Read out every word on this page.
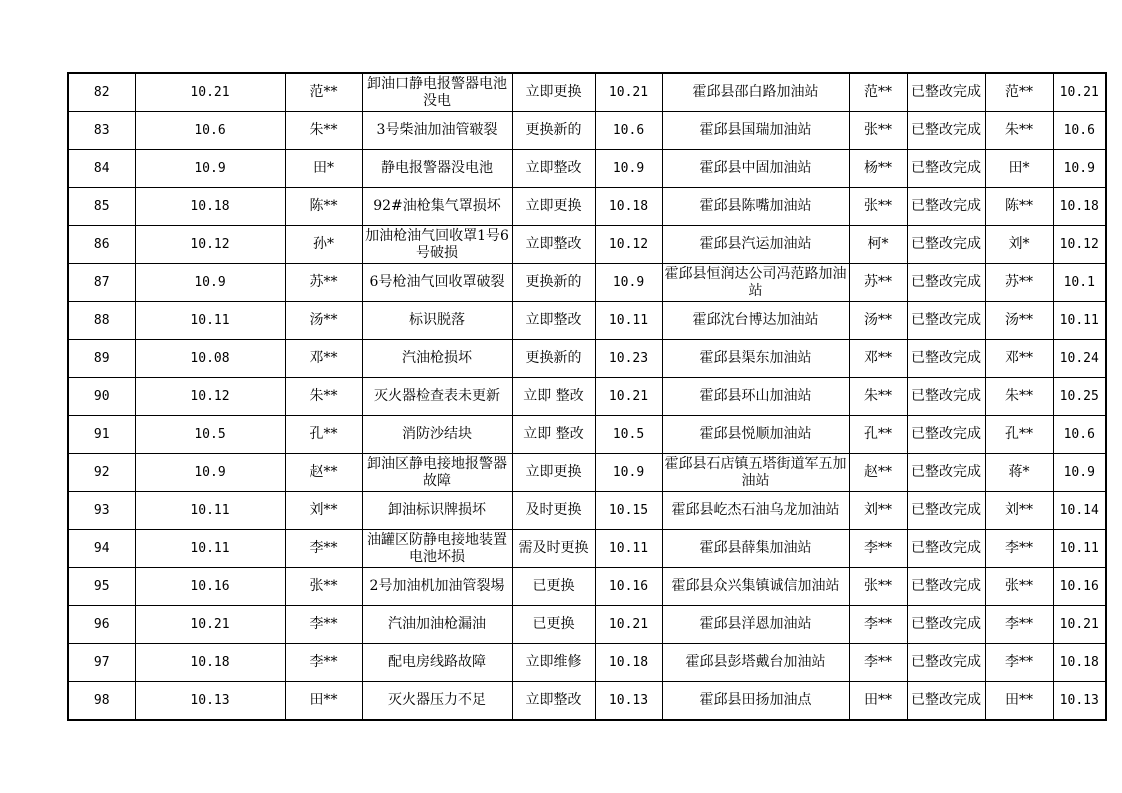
82	10.21	范**	卸油口静电报警器电池没电	立即更换	10.21	霍邱县邵白路加油站	范**	已整改完成	范**	10.21
83	10.6	朱**	3号柴油加油管皲裂	更换新的	10.6	霍邱县国瑞加油站	张**	已整改完成	朱**	10.6
84	10.9	田*	静电报警器没电池	立即整改	10.9	霍邱县中固加油站	杨**	已整改完成	田*	10.9
85	10.18	陈**	92#油枪集气罩损坏	立即更换	10.18	霍邱县陈嘴加油站	张**	已整改完成	陈**	10.18
86	10.12	孙*	加油枪油气回收罩1号6号破损	立即整改	10.12	霍邱县汽运加油站	柯*	已整改完成	刘*	10.12
87	10.9	苏**	6号枪油气回收罩破裂	更换新的	10.9	霍邱县恒润达公司冯范路加油站	苏**	已整改完成	苏**	10.1
88	10.11	汤**	标识脱落	立即整改	10.11	霍邱沈台博达加油站	汤**	已整改完成	汤**	10.11
89	10.08	邓**	汽油枪损坏	更换新的	10.23	霍邱县渠东加油站	邓**	已整改完成	邓**	10.24
90	10.12	朱**	灭火器检查表未更新	立即 整改	10.21	霍邱县环山加油站	朱**	已整改完成	朱**	10.25
91	10.5	孔**	消防沙结块	立即 整改	10.5	霍邱县悦顺加油站	孔**	已整改完成	孔**	10.6
92	10.9	赵**	卸油区静电接地报警器故障	立即更换	10.9	霍邱县石店镇五塔街道军五加油站	赵**	已整改完成	蒋*	10.9
93	10.11	刘**	卸油标识牌损坏	及时更换	10.15	霍邱县屹杰石油乌龙加油站	刘**	已整改完成	刘**	10.14
94	10.11	李**	油罐区防静电接地装置电池坏损	需及时更换	10.11	霍邱县薛集加油站	李**	已整改完成	李**	10.11
95	10.16	张**	2号加油机加油管裂埸	已更换	10.16	霍邱县众兴集镇诚信加油站	张**	已整改完成	张**	10.16
96	10.21	李**	汽油加油枪漏油	已更换	10.21	霍邱县洋恩加油站	李**	已整改完成	李**	10.21
97	10.18	李**	配电房线路故障	立即维修	10.18	霍邱县彭塔戴台加油站	李**	已整改完成	李**	10.18
98	10.13	田**	灭火器压力不足	立即整改	10.13	霍邱县田扬加油点	田**	已整改完成	田**	10.13
